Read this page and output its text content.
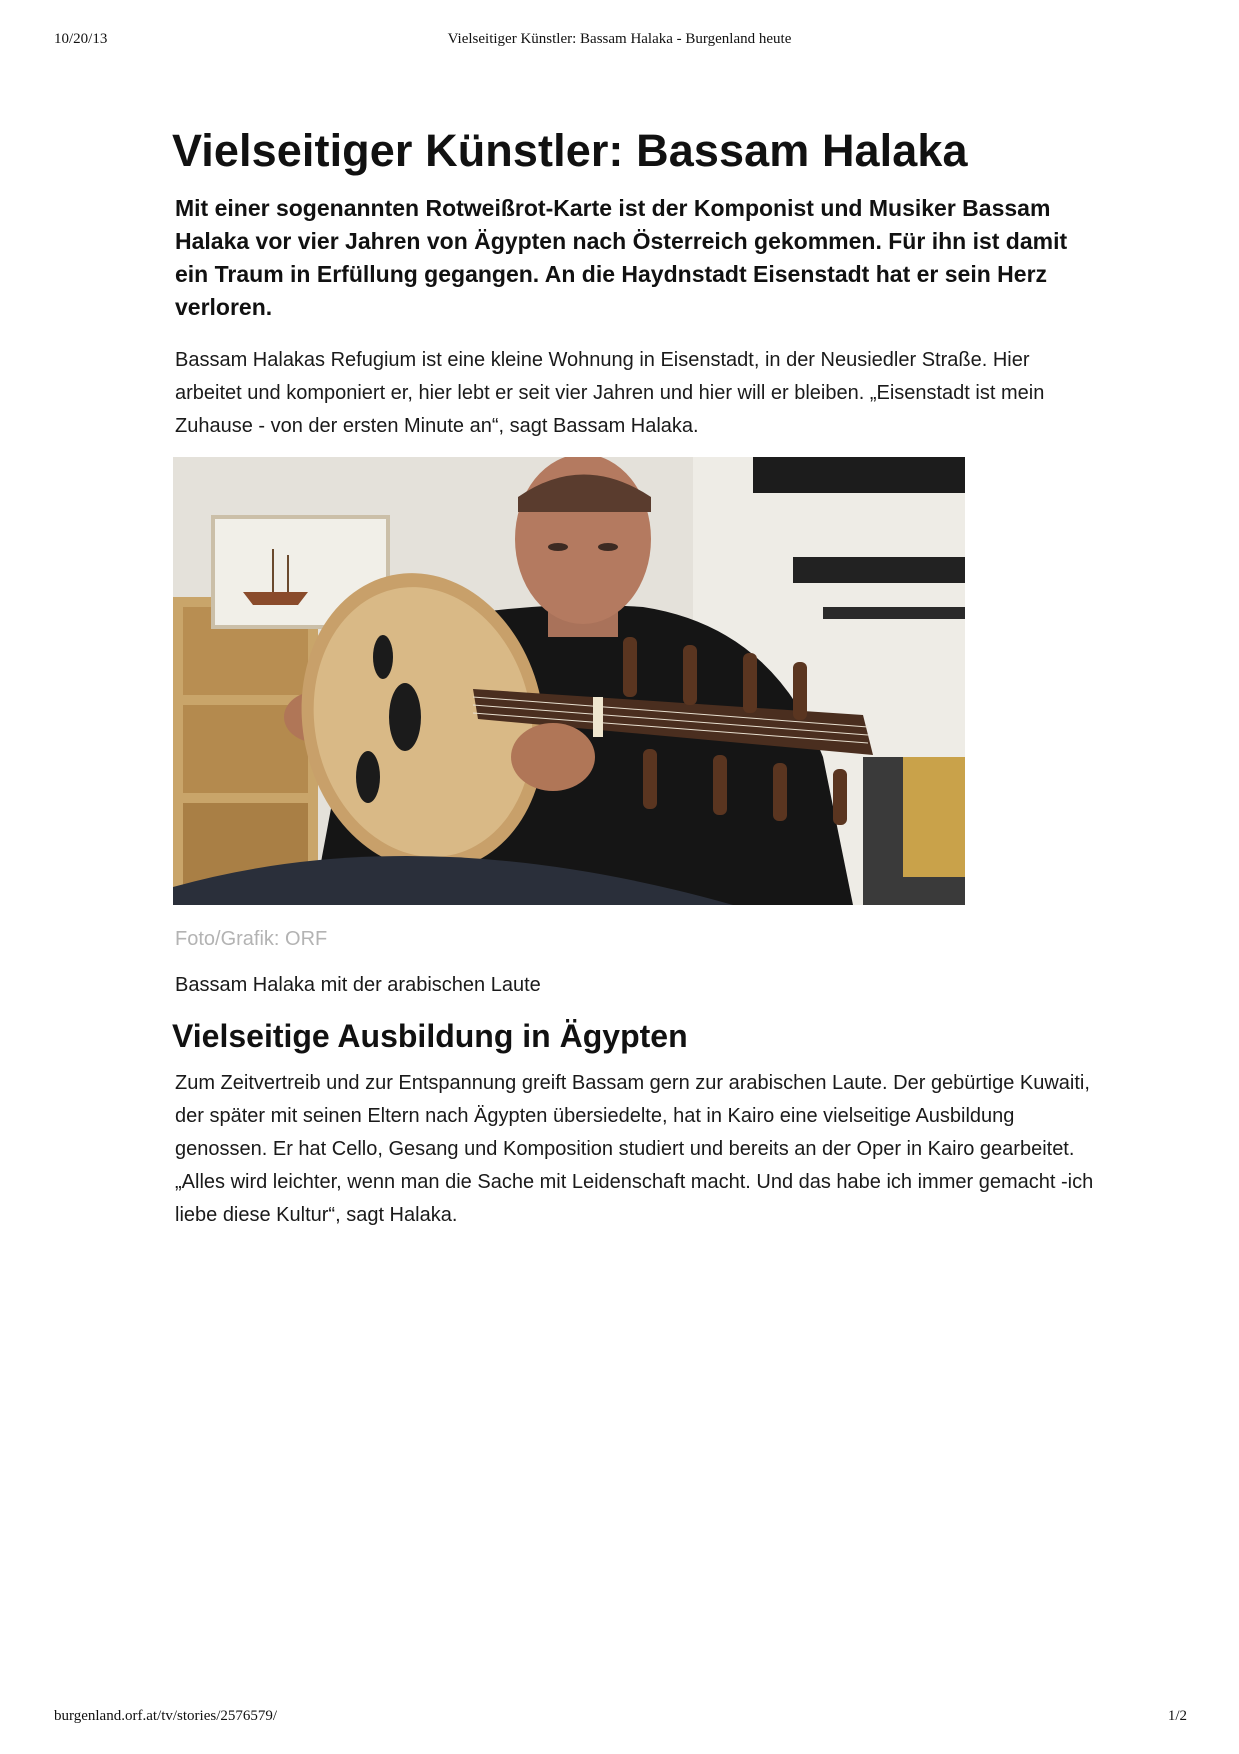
10/20/13	Vielseitiger Künstler: Bassam Halaka - Burgenland heute
Vielseitiger Künstler: Bassam Halaka

Mit einer sogenannten Rotweißrot-Karte ist der Komponist und Musiker Bassam Halaka vor vier Jahren von Ägypten nach Österreich gekommen. Für ihn ist damit ein Traum in Erfüllung gegangen. An die Haydnstadt Eisenstadt hat er sein Herz verloren.

Bassam Halakas Refugium ist eine kleine Wohnung in Eisenstadt, in der Neusiedler Straße. Hier arbeitet und komponiert er, hier lebt er seit vier Jahren und hier will er bleiben. „Eisenstadt ist mein Zuhause - von der ersten Minute an“, sagt Bassam Halaka.

Foto/Grafik: ORF

Bassam Halaka mit der arabischen Laute

Vielseitige Ausbildung in Ägypten

Zum Zeitvertreib und zur Entspannung greift Bassam gern zur arabischen Laute. Der gebürtige Kuwaiti, der später mit seinen Eltern nach Ägypten übersiedelte, hat in Kairo eine vielseitige Ausbildung genossen. Er hat Cello, Gesang und Komposition studiert und bereits an der Oper in Kairo gearbeitet. „Alles wird leichter, wenn man die Sache mit Leidenschaft macht. Und das habe ich immer gemacht -ich liebe diese Kultur“, sagt Halaka.

burgenland.orf.at/tv/stories/2576579/	1/2
